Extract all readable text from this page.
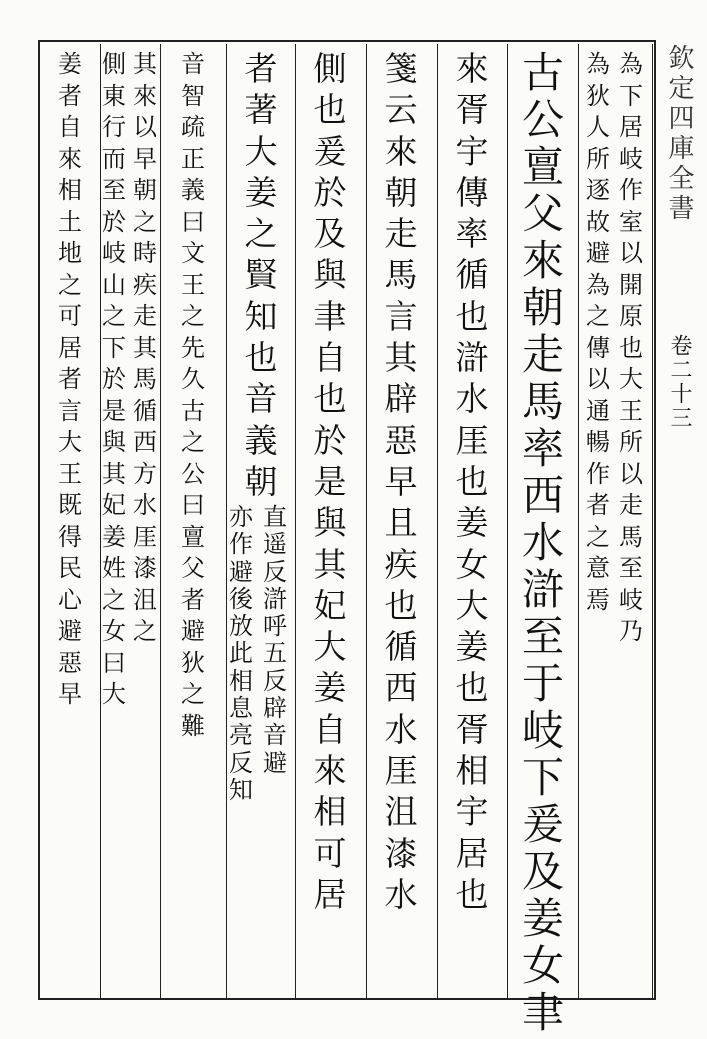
欽定四庫全書
卷二十三
為
下
居
岐
作
室
以
開
原
也
大
王
所
以
走
馬
至
岐
乃
為
狄
人
所
逐
故
避
為
之
傳
以
通
暢
作
者
之
意
焉
古
公
亶
父
來
朝
走
馬
率
西
水
滸
至
于
岐
下
爰
及
姜
女
聿
來
胥
宇
傳
率
循
也
滸
水
厓
也
姜
女
大
姜
也
胥
相
宇
居
也
箋
云
來
朝
走
馬
言
其
辟
惡
早
且
疾
也
循
西
水
厓
沮
漆
水
側
也
爰
於
及
與
聿
自
也
於
是
與
其
妃
大
姜
自
來
相
可
居
者
著
大
姜
之
賢
知
也
音
義
朝
直
遥
反
滸
呼
五
反
辟
音
避
亦
作
避
後
放
此
相
息
亮
反
知
音
智
疏
正
義
曰
文
王
之
先
久
古
之
公
曰
亶
父
者
避
狄
之
難
其
來
以
早
朝
之
時
疾
走
其
馬
循
西
方
水
厓
漆
沮
之
側
東
行
而
至
於
岐
山
之
下
於
是
與
其
妃
姜
姓
之
女
曰
大
姜
者
自
來
相
土
地
之
可
居
者
言
大
王
既
得
民
心
避
惡
早
